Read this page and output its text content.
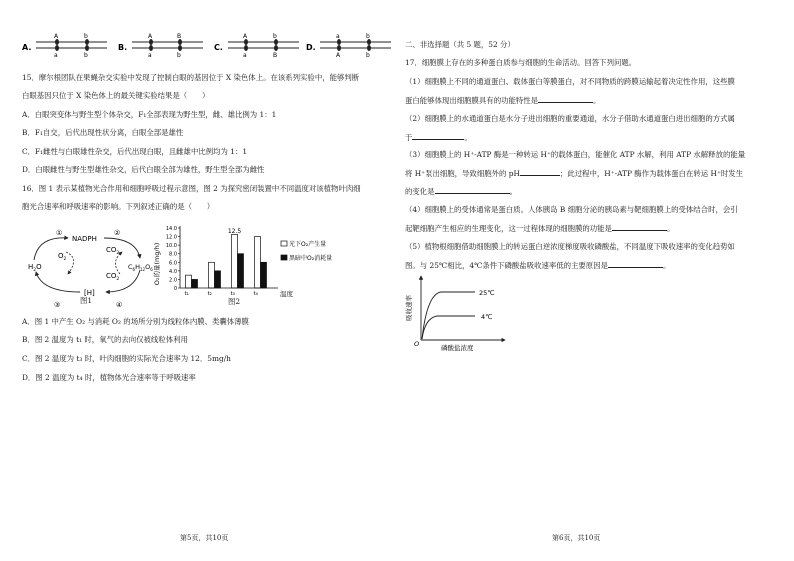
A.
A	b
a	b
B.
A	B
a	b
C.
A	b
a	B
D.
a	b
A	b
15．摩尔根团队在果蝇杂交实验中发现了控制白眼的基因位于 X 染色体上。在该系列实验中，能够判断
白眼基因只位于 X 染色体上的最关键实验结果是（　　）
A．白眼突变体与野生型个体杂交，F₁全部表现为野生型，雌、雄比例为 1：1
B．F₁自交，后代出现性状分离，白眼全部是雄性
C．F₁雌性与白眼雄性杂交，后代出现白眼，且雌雄中比例均为 1：1
D．白眼雌性与野生型雄性杂交，后代白眼全部为雄性，野生型全部为雌性
16．图 1 表示某植物光合作用和细胞呼吸过程示意图，图 2 为探究密闭装置中不同温度对该植物叶肉细
胞光合速率和呼吸速率的影响。下列叙述正确的是（　　）
①	②
③	④
NADPH
$O_2$
$CO_2$
$CO_2$
$H_2O$
[H]
$C_6H_{12}O_6$
图1
O₂的量(mg/h)
0
2.0
4.0
6.0
8.0
10.0
12.0
14.0
t₁	t₂	t₃	t₄
12.5
温度
光下O₂产生量
黑暗中O₂消耗量
图2
A．图 1 中产生 O₂ 与消耗 O₂ 的场所分别为线粒体内膜、类囊体薄膜
B．图 2 温度为 t₁ 时，氧气的去向仅被线粒体利用
C．图 2 温度为 t₃ 时，叶肉细胞的实际光合速率为 12．5mg/h
D．图 2 温度为 t₄ 时，植物体光合速率等于呼吸速率
第5页，共10页
二、非选择题（共 5 题，52 分）
17．细胞膜上存在的多种蛋白质参与细胞的生命活动。回答下列问题。
（1）细胞膜上不同的通道蛋白、载体蛋白等膜蛋白，对不同物质的跨膜运输起着决定性作用，这些膜
蛋白能够体现出细胞膜具有的功能特性是	。
（2）细胞膜上的水通道蛋白是水分子进出细胞的重要通道，水分子借助水通道蛋白进出细胞的方式属
于	。
（3）细胞膜上的 H⁺-ATP 酶是一种转运 H⁺的载体蛋白，能催化 ATP 水解，利用 ATP 水解释放的能量
将 H⁺泵出细胞，导致细胞外的 pH	；此过程中，H⁺-ATP 酶作为载体蛋白在转运 H⁺时发生
的变化是	。
（4）细胞膜上的受体通常是蛋白质。人体胰岛 B 细胞分泌的胰岛素与靶细胞膜上的受体结合时，会引
起靶细胞产生相应的生理变化，这一过程体现的细胞膜的功能是	。
（5）植物根细胞借助细胞膜上的转运蛋白逆浓度梯度吸收磷酸盐，不同温度下吸收速率的变化趋势如
图。与 25℃相比，4℃条件下磷酸盐吸收速率低的主要原因是	。
吸收速率
25℃
4℃
O	磷酸盐浓度
第6页，共10页
